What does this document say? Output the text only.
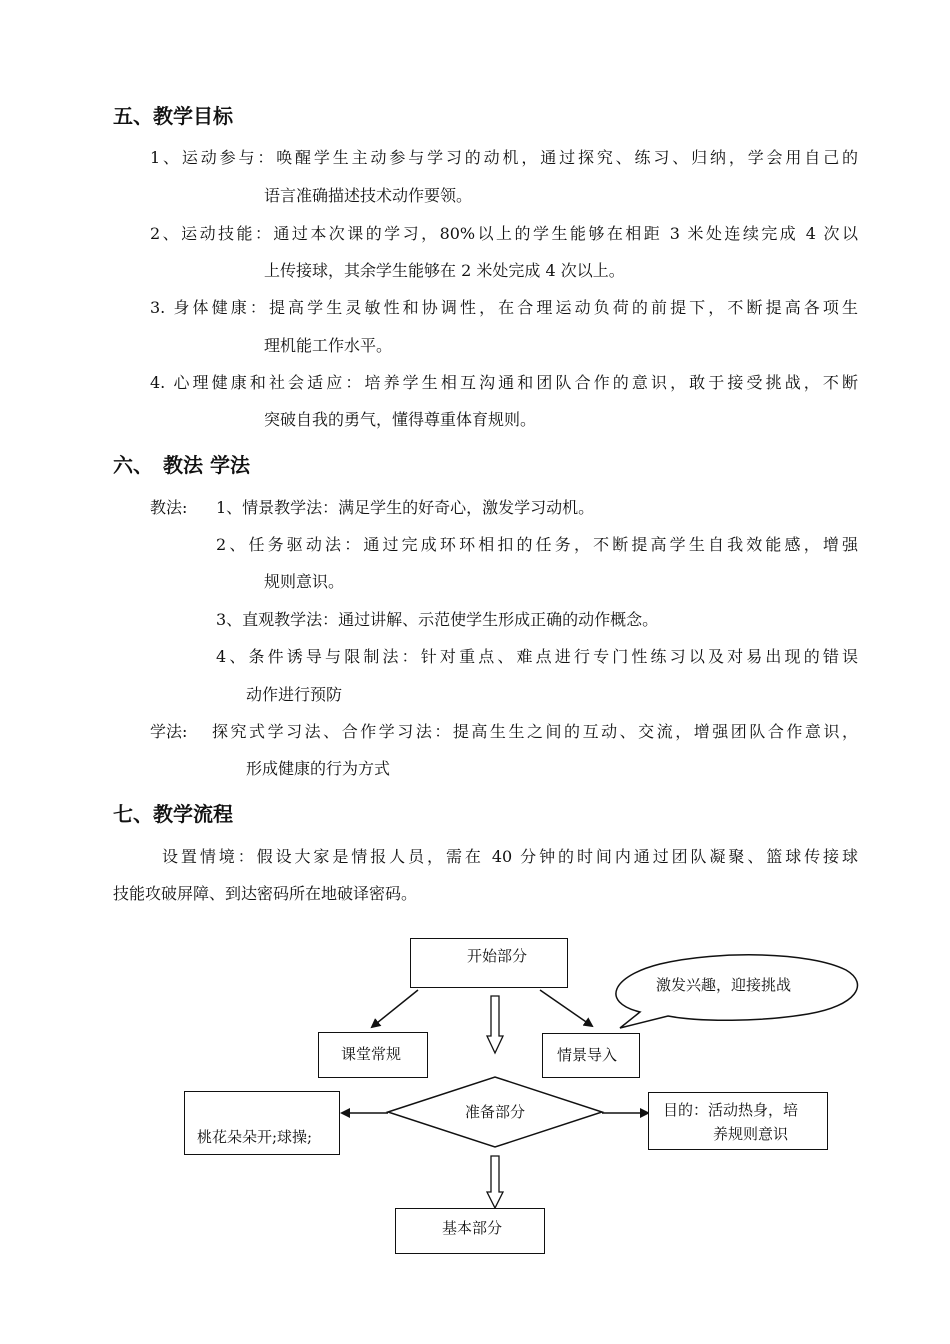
五、教学目标
1、运动参与：唤醒学生主动参与学习的动机，通过探究、练习、归纳，学会用自己的
语言准确描述技术动作要领。
2、运动技能：通过本次课的学习，80%以上的学生能够在相距 3 米处连续完成 4 次以
上传接球，其余学生能够在 2 米处完成 4 次以上。
3. 身体健康：提高学生灵敏性和协调性，在合理运动负荷的前提下，不断提高各项生
理机能工作水平。
4. 心理健康和社会适应：培养学生相互沟通和团队合作的意识，敢于接受挑战，不断
突破自我的勇气，懂得尊重体育规则。
六、　教法 学法
教法: 1、情景教学法：满足学生的好奇心，激发学习动机。
2、任务驱动法：通过完成环环相扣的任务，不断提高学生自我效能感，增强
规则意识。
3、直观教学法：通过讲解、示范使学生形成正确的动作概念。
4、条件诱导与限制法：针对重点、难点进行专门性练习以及对易出现的错误
动作进行预防
学法: 探究式学习法、合作学习法：提高生生之间的互动、交流，增强团队合作意识，
形成健康的行为方式
七、教学流程
设置情境：假设大家是情报人员，需在 40 分钟的时间内通过团队凝聚、篮球传接球
技能攻破屏障、到达密码所在地破译密码。
开始部分
激发兴趣，迎接挑战
课堂常规	情景导入
准备部分
桃花朵朵开;球操;
目的：活动热身，培
养规则意识
基本部分
